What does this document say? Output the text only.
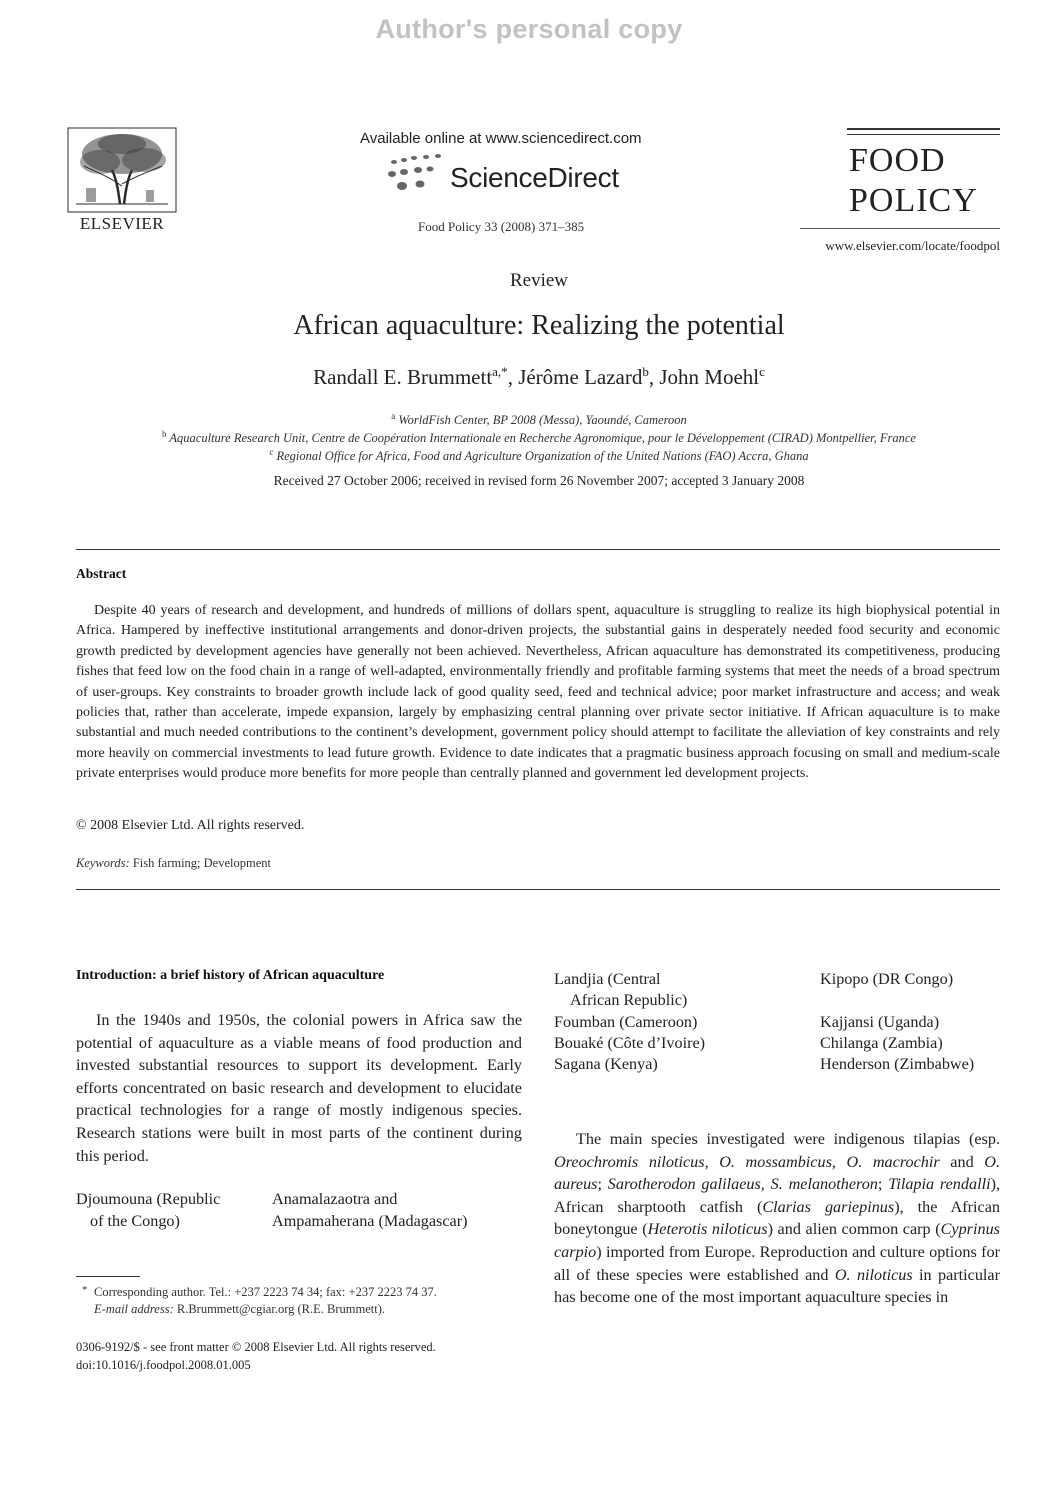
Author's personal copy
ELSEVIER
Available online at www.sciencedirect.com
ScienceDirect
Food Policy 33 (2008) 371–385
FOOD
POLICY
www.elsevier.com/locate/foodpol
Review
African aquaculture: Realizing the potential
Randall E. Brummett$^{a,*}$, Jérôme Lazard$^b$, John Moehl$^c$
$^a$ WorldFish Center, BP 2008 (Messa), Yaoundé, Cameroon
$^b$ Aquaculture Research Unit, Centre de Coopération Internationale en Recherche Agronomique, pour le Développement (CIRAD) Montpellier, France
$^c$ Regional Office for Africa, Food and Agriculture Organization of the United Nations (FAO) Accra, Ghana
Received 27 October 2006; received in revised form 26 November 2007; accepted 3 January 2008
Abstract
Despite 40 years of research and development, and hundreds of millions of dollars spent, aquaculture is struggling to realize its high biophysical potential in Africa. Hampered by ineffective institutional arrangements and donor-driven projects, the substantial gains in desperately needed food security and economic growth predicted by development agencies have generally not been achieved. Nevertheless, African aquaculture has demonstrated its competitiveness, producing fishes that feed low on the food chain in a range of well-adapted, environmentally friendly and profitable farming systems that meet the needs of a broad spectrum of user-groups. Key constraints to broader growth include lack of good quality seed, feed and technical advice; poor market infrastructure and access; and weak policies that, rather than accelerate, impede expansion, largely by emphasizing central planning over private sector initiative. If African aquaculture is to make substantial and much needed contributions to the continent’s development, government policy should attempt to facilitate the alleviation of key constraints and rely more heavily on commercial investments to lead future growth. Evidence to date indicates that a pragmatic business approach focusing on small and medium-scale private enterprises would produce more benefits for more people than centrally planned and government led development projects.
© 2008 Elsevier Ltd. All rights reserved.
Keywords: Fish farming; Development
Introduction: a brief history of African aquaculture
In the 1940s and 1950s, the colonial powers in Africa saw the potential of aquaculture as a viable means of food production and invested substantial resources to support its development. Early efforts concentrated on basic research and development to elucidate practical technologies for a range of mostly indigenous species. Research stations were built in most parts of the continent during this period.
Djoumouna (Republic
of the Congo)
Anamalazaotra and
Ampamaherana (Madagascar)
* Corresponding author. Tel.: +237 2223 74 34; fax: +237 2223 74 37.
E-mail address: R.Brummett@cgiar.org (R.E. Brummett).
0306-9192/$ - see front matter © 2008 Elsevier Ltd. All rights reserved.
doi:10.1016/j.foodpol.2008.01.005
Landjia (Central
African Republic)
Foumban (Cameroon)
Bouaké (Côte d’Ivoire)
Sagana (Kenya)
Kipopo (DR Congo)
Kajjansi (Uganda)
Chilanga (Zambia)
Henderson (Zimbabwe)
The main species investigated were indigenous tilapias (esp. Oreochromis niloticus, O. mossambicus, O. macrochir and O. aureus; Sarotherodon galilaeus, S. melanotheron; Tilapia rendalli), African sharptooth catfish (Clarias gariepinus), the African boneytongue (Heterotis niloticus) and alien common carp (Cyprinus carpio) imported from Europe. Reproduction and culture options for all of these species were established and O. niloticus in particular has become one of the most important aquaculture species in
